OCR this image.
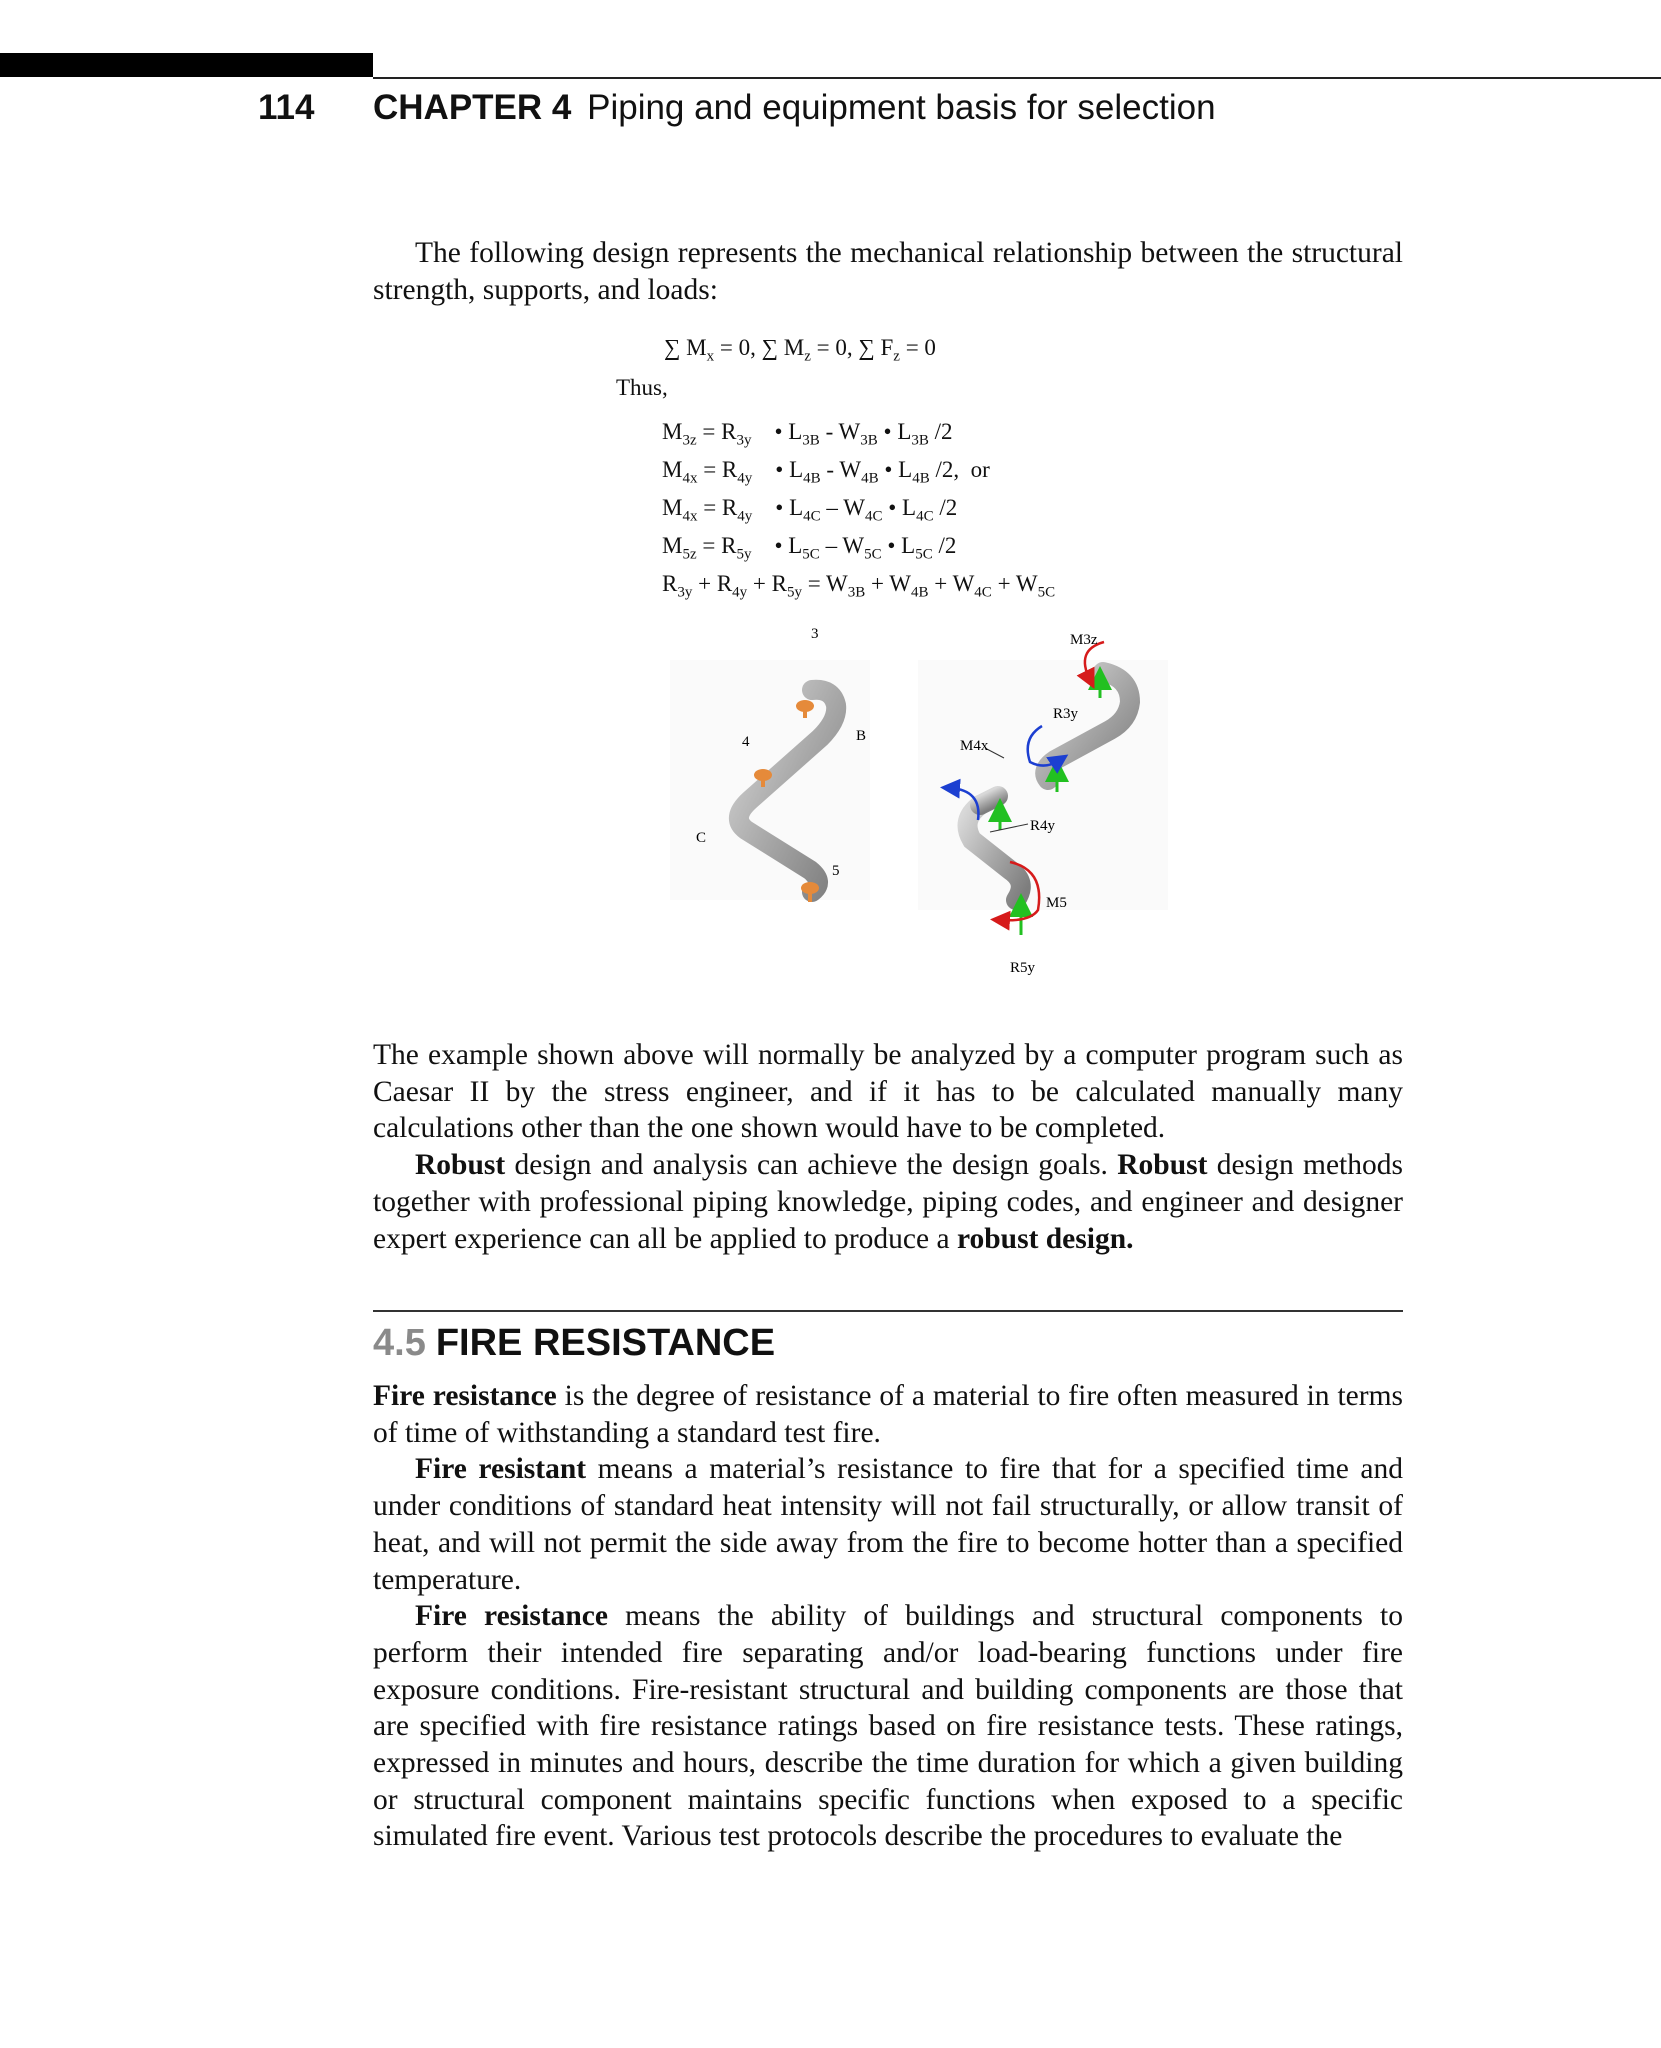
114 CHAPTER 4 Piping and equipment basis for selection

The following design represents the mechanical relationship between the structural strength, supports, and loads:

∑ $M_x = 0$, ∑ $M_z = 0$, ∑ $F_z = 0$
Thus,
$M_{3z} = R_{3y}$    • $L_{3B} - W_{3B}$ • $L_{3B}$ /2
$M_{4x} = R_{4y}$    • $L_{4B} - W_{4B}$ • $L_{4B}$ /2,  or
$M_{4x} = R_{4y}$    • $L_{4C} - W_{4C}$ • $L_{4C}$ /2
$M_{5z} = R_{5y}$    • $L_{5C} - W_{5C}$ • $L_{5C}$ /2
$R_{3y} + R_{4y} + R_{5y} = W_{3B} + W_{4B} + W_{4C} + W_{5C}$
3
4	B
C
5
M3z
R3y
M4x
R4y
M5
R5y

The example shown above will normally be analyzed by a computer program such as Caesar II by the stress engineer, and if it has to be calculated manually many calculations other than the one shown would have to be completed.

Robust design and analysis can achieve the design goals. Robust design methods together with professional piping knowledge, piping codes, and engineer and designer expert experience can all be applied to produce a robust design.

4.5 FIRE RESISTANCE

Fire resistance is the degree of resistance of a material to fire often measured in terms of time of withstanding a standard test fire.

Fire resistant means a material’s resistance to fire that for a specified time and under conditions of standard heat intensity will not fail structurally, or allow transit of heat, and will not permit the side away from the fire to become hotter than a specified temperature.

Fire resistance means the ability of buildings and structural components to perform their intended fire separating and/or load-bearing functions under fire exposure conditions. Fire-resistant structural and building components are those that are specified with fire resistance ratings based on fire resistance tests. These ratings, expressed in minutes and hours, describe the time duration for which a given building or structural component maintains specific functions when exposed to a specific simulated fire event. Various test protocols describe the procedures to evaluate the
